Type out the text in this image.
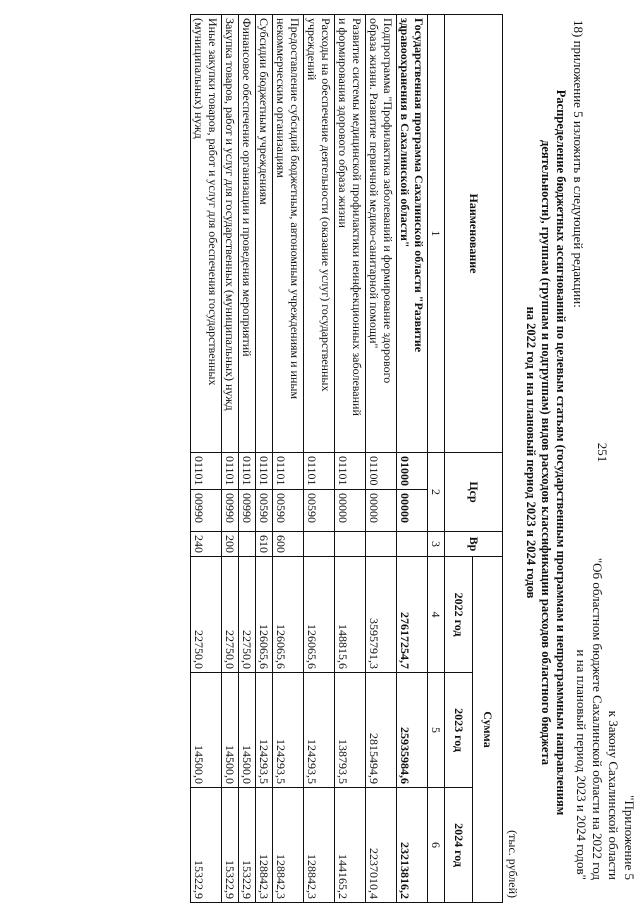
251
"Приложение 5
к Закону Сахалинской области
"Об областном бюджете Сахалинской области на 2022 год
и на плановый период 2023 и 2024 годов"
18) приложение 5 изложить в следующей редакции:
Распределение бюджетных ассигнований по целевым статьям (государственным программам и непрограммным направлениям
деятельности), группам (группам и подгруппам) видов расходов классификации расходов областного бюджета
на 2022 год и на плановый период 2023 и 2024 годов
(тыс. рублей)
Наименование	Цср		Вр	Сумма		
				2022 год	2023 год	2024 год
1	2		3	4	5	6

Государственная программа Сахалинской области "Развитие
здравоохранения в Сахалинской области"	01000	00000		27617254,7	25935984,6	23213816,2

Подпрограмма "Профилактика заболеваний и формирование здорового
образа жизни. Развитие первичной медико-санитарной помощи"	01100	00000		3595791,3	2815494,9	2237010,4

Развитие системы медицинской профилактики неинфекционных заболеваний
и формирования здорового образа жизни	01101	00000		148815,6	138793,5	144165,2

Расходы на обеспечение деятельности (оказание услуг) государственных
учреждений	01101	00590		126065,6	124293,5	128842,3

Предоставление субсидий бюджетным, автономным учреждениям и иным
некоммерческим организациям	01101	00590	600	126065,6	124293,5	128842,3

Субсидии бюджетным учреждениям	01101	00590	610	126065,6	124293,5	128842,3

Финансовое обеспечение организации и проведения мероприятий	01101	00990		22750,0	14500,0	15322,9

Закупка товаров, работ и услуг для государственных (муниципальных) нужд	01101	00990	200	22750,0	14500,0	15322,9

Иные закупки товаров, работ и услуг для обеспечения государственных
(муниципальных) нужд	01101	00990	240	22750,0	14500,0	15322,9
